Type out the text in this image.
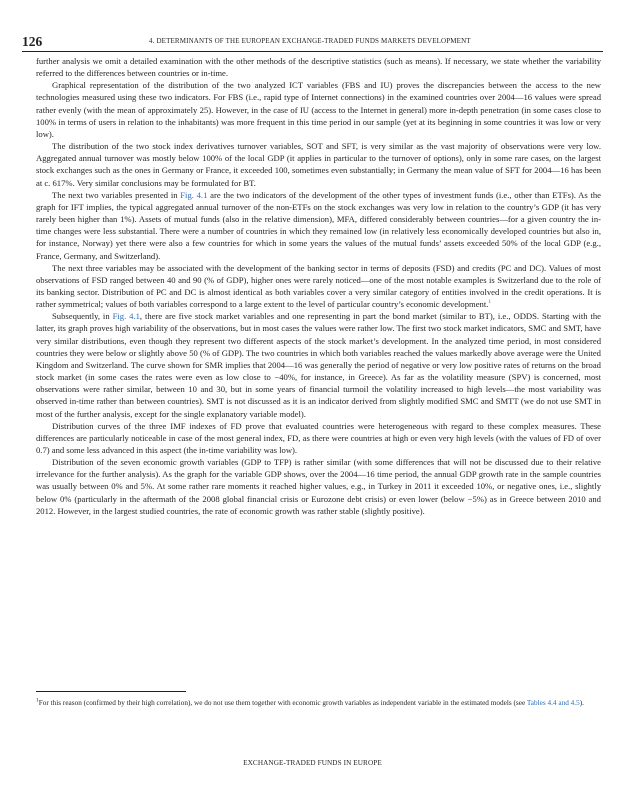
126	4. DETERMINANTS OF THE EUROPEAN EXCHANGE-TRADED FUNDS MARKETS DEVELOPMENT

further analysis we omit a detailed examination with the other methods of the descriptive statistics (such as means). If necessary, we state whether the variability referred to the differences between countries or in-time.

Graphical representation of the distribution of the two analyzed ICT variables (FBS and IU) proves the discrepancies between the access to the new technologies measured using these two indicators. For FBS (i.e., rapid type of Internet connections) in the examined countries over 2004—16 values were spread rather evenly (with the mean of approximately 25). However, in the case of IU (access to the Internet in general) more in-depth penetration (in some cases close to 100% in terms of users in relation to the inhabitants) was more frequent in this time period in our sample (yet at its beginning in some countries it was low or very low).

The distribution of the two stock index derivatives turnover variables, SOT and SFT, is very similar as the vast majority of observations were very low. Aggregated annual turnover was mostly below 100% of the local GDP (it applies in particular to the turnover of options), only in some rare cases, on the largest stock exchanges such as the ones in Germany or France, it exceeded 100, sometimes even substantially; in Germany the mean value of SFT for 2004—16 has been at c. 617%. Very similar conclusions may be formulated for BT.

The next two variables presented in Fig. 4.1 are the two indicators of the development of the other types of investment funds (i.e., other than ETFs). As the graph for IFT implies, the typical aggregated annual turnover of the non-ETFs on the stock exchanges was very low in relation to the country’s GDP (it has very rarely been higher than 1%). Assets of mutual funds (also in the relative dimension), MFA, differed considerably between countries—for a given country the in-time changes were less substantial. There were a number of countries in which they remained low (in relatively less economically developed countries but also in, for instance, Norway) yet there were also a few countries for which in some years the values of the mutual funds’ assets exceeded 50% of the local GDP (e.g., France, Germany, and Switzerland).

The next three variables may be associated with the development of the banking sector in terms of deposits (FSD) and credits (PC and DC). Values of most observations of FSD ranged between 40 and 90 (% of GDP), higher ones were rarely noticed—one of the most notable examples is Switzerland due to the role of its banking sector. Distribution of PC and DC is almost identical as both variables cover a very similar category of entities involved in the credit operations. It is rather symmetrical; values of both variables correspond to a large extent to the level of particular country’s economic development.$^1$

Subsequently, in Fig. 4.1, there are five stock market variables and one representing in part the bond market (similar to BT), i.e., ODDS. Starting with the latter, its graph proves high variability of the observations, but in most cases the values were rather low. The first two stock market indicators, SMC and SMT, have very similar distributions, even though they represent two different aspects of the stock market’s development. In the analyzed time period, in most considered countries they were below or slightly above 50 (% of GDP). The two countries in which both variables reached the values markedly above average were the United Kingdom and Switzerland. The curve shown for SMR implies that 2004—16 was generally the period of negative or very low positive rates of returns on the broad stock market (in some cases the rates were even as low close to −40%, for instance, in Greece). As far as the volatility measure (SPV) is concerned, most observations were rather similar, between 10 and 30, but in some years of financial turmoil the volatility increased to high levels—the most variability was observed in-time rather than between countries). SMT is not discussed as it is an indicator derived from slightly modified SMC and SMTT (we do not use SMT in most of the further analysis, except for the single explanatory variable model).

Distribution curves of the three IMF indexes of FD prove that evaluated countries were heterogeneous with regard to these complex measures. These differences are particularly noticeable in case of the most general index, FD, as there were countries at high or even very high levels (with the values of FD of over 0.7) and some less advanced in this aspect (the in-time variability was low).

Distribution of the seven economic growth variables (GDP to TFP) is rather similar (with some differences that will not be discussed due to their relative irrelevance for the further analysis). As the graph for the variable GDP shows, over the 2004—16 time period, the annual GDP growth rate in the sample countries was usually between 0% and 5%. At some rather rare moments it reached higher values, e.g., in Turkey in 2011 it exceeded 10%, or negative ones, i.e., slightly below 0% (particularly in the aftermath of the 2008 global financial crisis or Eurozone debt crisis) or even lower (below −5%) as in Greece between 2010 and 2012. However, in the largest studied countries, the rate of economic growth was rather stable (slightly positive).

$^1$For this reason (confirmed by their high correlation), we do not use them together with economic growth variables as independent variable in the estimated models (see Tables 4.4 and 4.5).
EXCHANGE-TRADED FUNDS IN EUROPE
